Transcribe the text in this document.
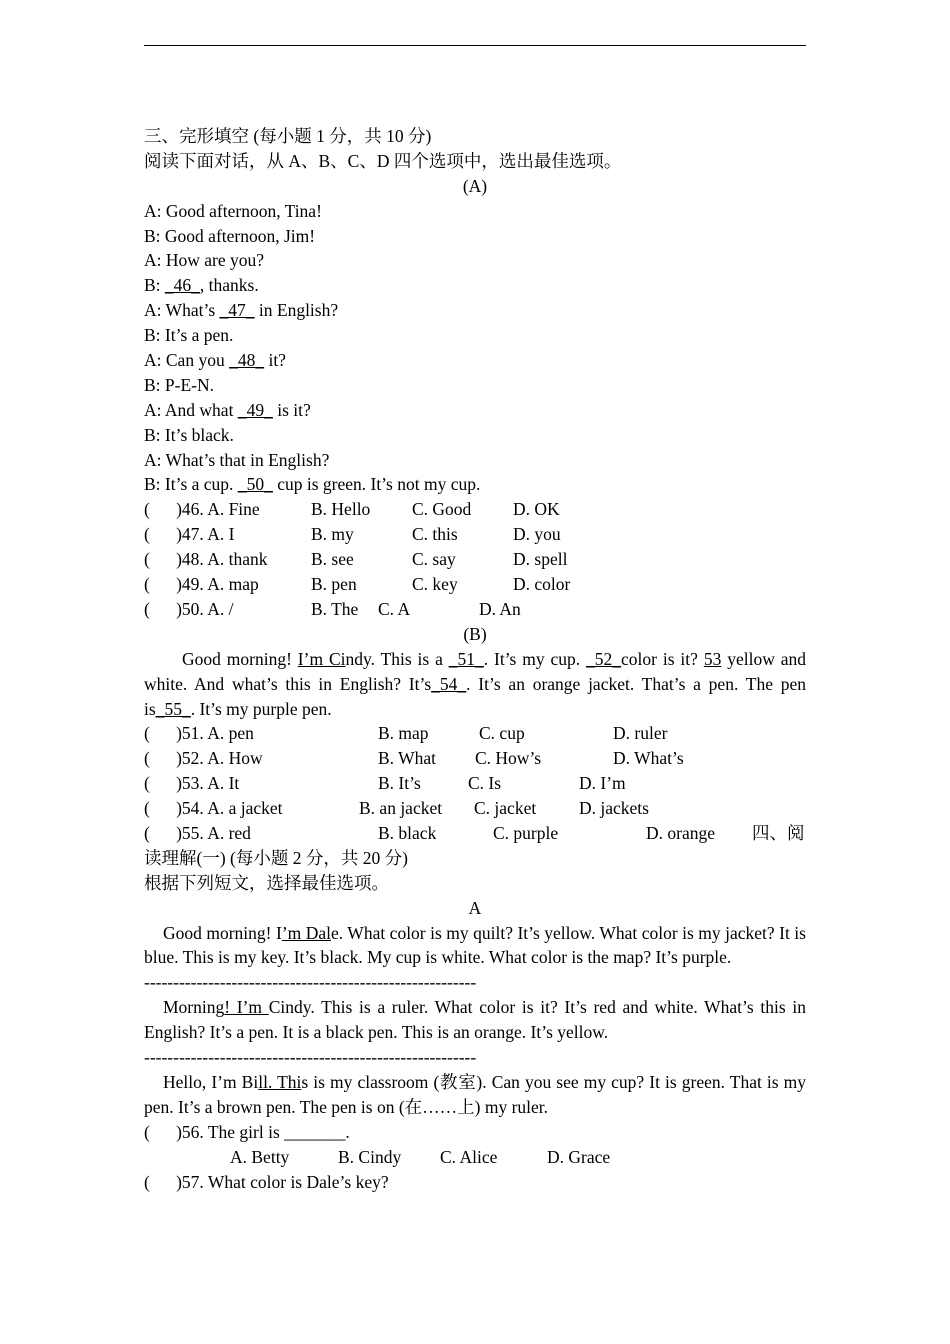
三、完形填空 (每小题 1 分，共 10 分)
阅读下面对话，从 A、B、C、D 四个选项中，选出最佳选项。
(A)
A: Good afternoon, Tina!
B: Good afternoon, Jim!
A: How are you?
B: _46_, thanks.
A: What’s _47_ in English?
B: It’s a pen.
A: Can you _48_ it?
B: P-E-N.
A: And what _49_ is it?
B: It’s black.
A: What’s that in English?
B: It’s a cup. _50_ cup is green. It’s not my cup.

(      )46. A. Fine

	B. Hello

C. Good

D. OK

(      )47. A. I

	B. my

	C. this

	D. you

(      )48. A. thank

B. see

	C. say

	D. spell

(      )49. A. map

	B. pen

	C. key

	D. color

(      )50. A. /

	B. The

C. A

	D. An

(B)
Good morning! I’m Cindy. This is a _51_. It’s my cup. _52_color is it? 53 yellow and white. And what’s this in English? It’s_54_. It’s an orange jacket. That’s a pen. The pen is_55_. It’s my purple pen.

(      )51. A. pen

	B. map

	C. cup

	D. ruler

(      )52. A. How

	B. What

C. How’s

	D. What’s

(      )53. A. It

	B. It’s

	C. Is

	D. I’m

(      )54. A. a jacket

	B. an jacket

C. jacket

D. jackets

(      )55. A. red

	B. black

	C. purple

	D. orange

四、阅

读理解(一) (每小题 2 分，共 20 分)
根据下列短文，选择最佳选项。
A
Good morning! I’m Dale. What color is my quilt? It’s yellow. What color is my jacket? It is blue. This is my key. It’s black. My cup is white. What color is the map? It’s purple.
---------------------------------------------------------
Morning! I’m Cindy. This is a ruler. What color is it? It’s red and white. What’s this in English? It’s a pen. It is a black pen. This is an orange. It’s yellow.
---------------------------------------------------------
Hello, I’m Bill. This is my classroom (教室). Can you see my cup? It is green. That is my pen. It’s a brown pen. The pen is on (在……上) my ruler.
(      )56. The girl is _______.

A. Betty

	B. Cindy

C. Alice

	D. Grace

(      )57. What color is Dale’s key?
